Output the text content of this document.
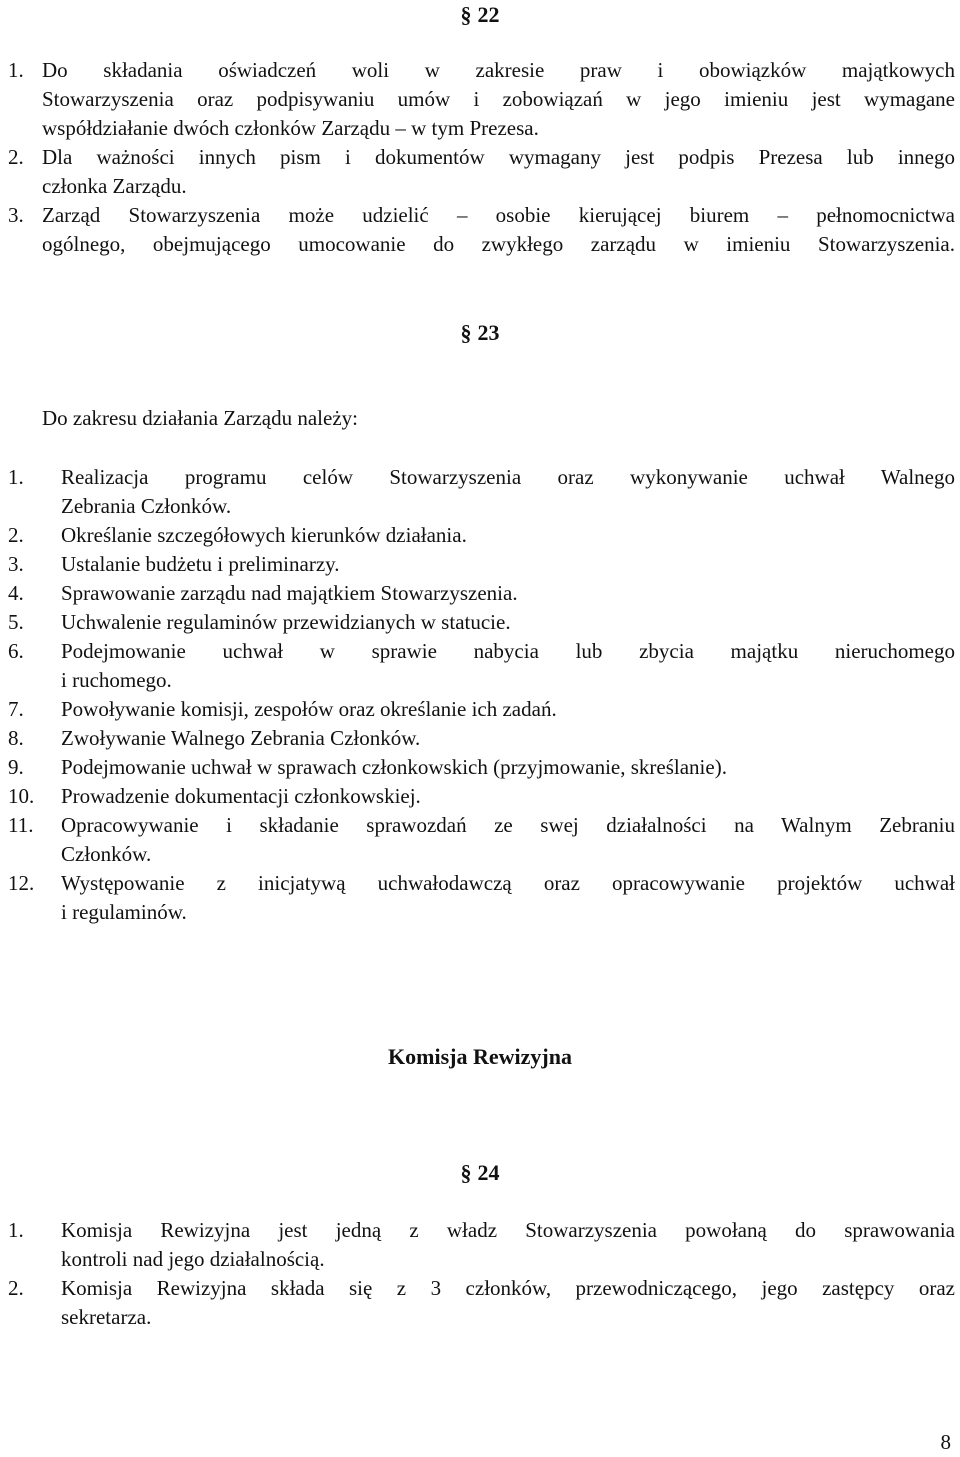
§ 22
1. Do składania oświadczeń woli w zakresie praw i obowiązków majątkowych
Stowarzyszenia oraz podpisywaniu umów i zobowiązań w jego imieniu jest wymagane
współdziałanie dwóch członków Zarządu – w tym Prezesa.
2. Dla ważności innych pism i dokumentów wymagany jest podpis Prezesa lub innego
członka Zarządu.
3. Zarząd Stowarzyszenia może udzielić – osobie kierującej biurem – pełnomocnictwa
ogólnego, obejmującego umocowanie do zwykłego zarządu w imieniu Stowarzyszenia.
§ 23
Do zakresu działania Zarządu należy:
1. Realizacja programu celów Stowarzyszenia oraz wykonywanie uchwał Walnego
Zebrania Członków.
2. Określanie szczegółowych kierunków działania.
3. Ustalanie budżetu i preliminarzy.
4. Sprawowanie zarządu nad majątkiem Stowarzyszenia.
5. Uchwalenie regulaminów przewidzianych w statucie.
6. Podejmowanie uchwał w sprawie nabycia lub zbycia majątku nieruchomego
i ruchomego.
7. Powoływanie komisji, zespołów oraz określanie ich zadań.
8. Zwoływanie Walnego Zebrania Członków.
9. Podejmowanie uchwał w sprawach członkowskich (przyjmowanie, skreślanie).
10. Prowadzenie dokumentacji członkowskiej.
11. Opracowywanie i składanie sprawozdań ze swej działalności na Walnym Zebraniu
Członków.
12. Występowanie z inicjatywą uchwałodawczą oraz opracowywanie projektów uchwał
i regulaminów.
Komisja Rewizyjna
§ 24
1. Komisja Rewizyjna jest jedną z władz Stowarzyszenia powołaną do sprawowania
kontroli nad jego działalnością.
2. Komisja Rewizyjna składa się z 3 członków, przewodniczącego, jego zastępcy oraz
sekretarza.
8
